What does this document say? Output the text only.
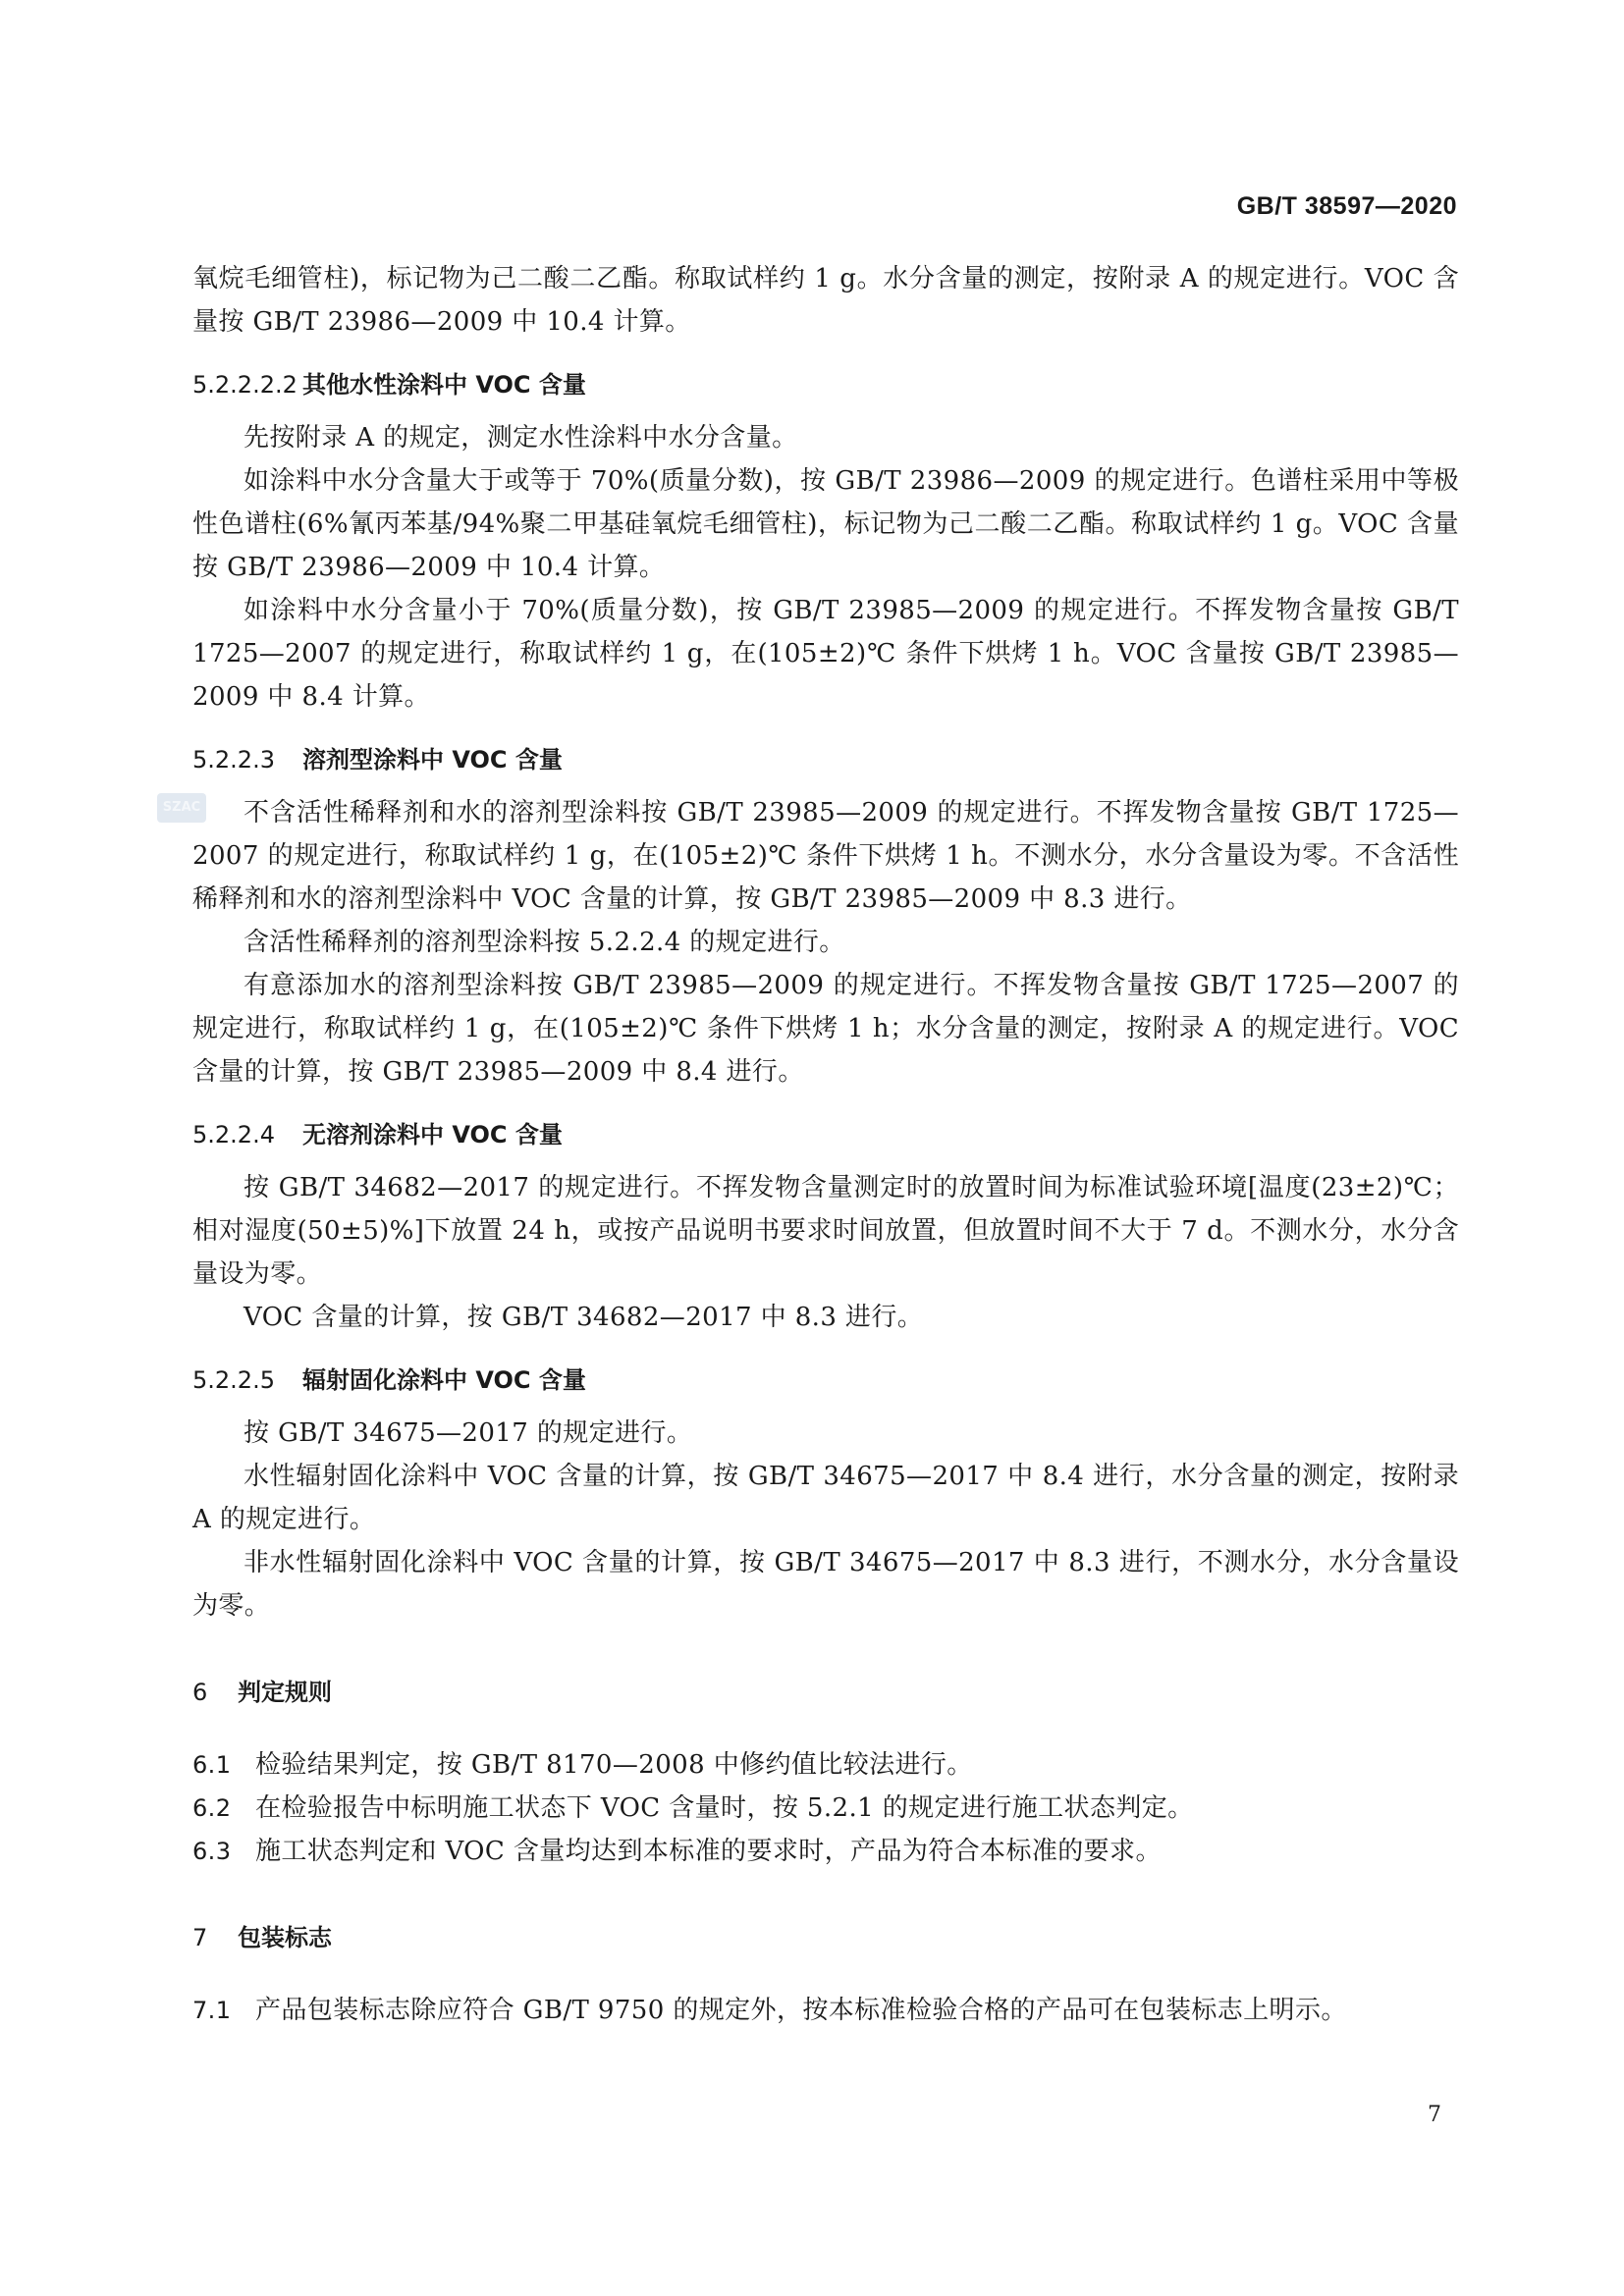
GB/T 38597—2020
SZAC

氧烷毛细管柱)，标记物为己二酸二乙酯。称取试样约 1 g。水分含量的测定，按附录 A 的规定进行。VOC 含量按 GB/T 23986—2009 中 10.4 计算。

5.2.2.2.2 其他水性涂料中 VOC 含量

先按附录 A 的规定，测定水性涂料中水分含量。

如涂料中水分含量大于或等于 70%(质量分数)，按 GB/T 23986—2009 的规定进行。色谱柱采用中等极性色谱柱(6%氰丙苯基/94%聚二甲基硅氧烷毛细管柱)，标记物为己二酸二乙酯。称取试样约 1 g。VOC 含量按 GB/T 23986—2009 中 10.4 计算。

如涂料中水分含量小于 70%(质量分数)，按 GB/T 23985—2009 的规定进行。不挥发物含量按 GB/T 1725—2007 的规定进行，称取试样约 1 g，在(105±2)℃ 条件下烘烤 1 h。VOC 含量按 GB/T 23985—2009 中 8.4 计算。

5.2.2.3 溶剂型涂料中 VOC 含量

不含活性稀释剂和水的溶剂型涂料按 GB/T 23985—2009 的规定进行。不挥发物含量按 GB/T 1725—2007 的规定进行，称取试样约 1 g，在(105±2)℃ 条件下烘烤 1 h。不测水分，水分含量设为零。不含活性稀释剂和水的溶剂型涂料中 VOC 含量的计算，按 GB/T 23985—2009 中 8.3 进行。

含活性稀释剂的溶剂型涂料按 5.2.2.4 的规定进行。

有意添加水的溶剂型涂料按 GB/T 23985—2009 的规定进行。不挥发物含量按 GB/T 1725—2007 的规定进行，称取试样约 1 g，在(105±2)℃ 条件下烘烤 1 h；水分含量的测定，按附录 A 的规定进行。VOC 含量的计算，按 GB/T 23985—2009 中 8.4 进行。

5.2.2.4 无溶剂涂料中 VOC 含量

按 GB/T 34682—2017 的规定进行。不挥发物含量测定时的放置时间为标准试验环境[温度(23±2)℃；相对湿度(50±5)%]下放置 24 h，或按产品说明书要求时间放置，但放置时间不大于 7 d。不测水分，水分含量设为零。

VOC 含量的计算，按 GB/T 34682—2017 中 8.3 进行。

5.2.2.5 辐射固化涂料中 VOC 含量

按 GB/T 34675—2017 的规定进行。

水性辐射固化涂料中 VOC 含量的计算，按 GB/T 34675—2017 中 8.4 进行，水分含量的测定，按附录 A 的规定进行。

非水性辐射固化涂料中 VOC 含量的计算，按 GB/T 34675—2017 中 8.3 进行，不测水分，水分含量设为零。

6 判定规则

6.1 检验结果判定，按 GB/T 8170—2008 中修约值比较法进行。

6.2 在检验报告中标明施工状态下 VOC 含量时，按 5.2.1 的规定进行施工状态判定。

6.3 施工状态判定和 VOC 含量均达到本标准的要求时，产品为符合本标准的要求。

7 包装标志

7.1 产品包装标志除应符合 GB/T 9750 的规定外，按本标准检验合格的产品可在包装标志上明示。

7
